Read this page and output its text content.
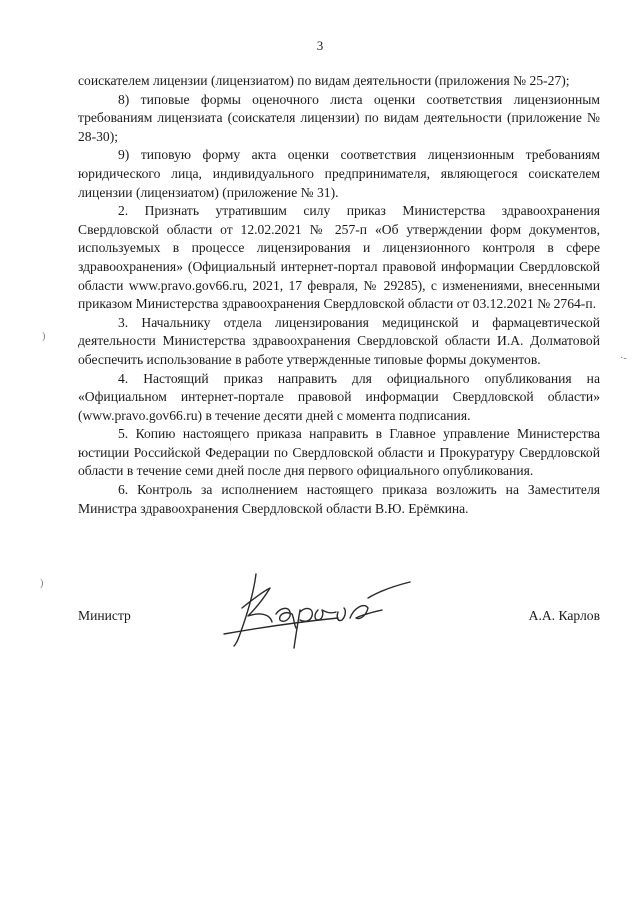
3

соискателем лицензии (лицензиатом) по видам деятельности (приложения № 25-27);

8) типовые формы оценочного листа оценки соответствия лицензионным требованиям лицензиата (соискателя лицензии) по видам деятельности (приложение № 28-30);

9) типовую форму акта оценки соответствия лицензионным требованиям юридического лица, индивидуального предпринимателя, являющегося соискателем лицензии (лицензиатом) (приложение № 31).

2. Признать утратившим силу приказ Министерства здравоохранения Свердловской области от 12.02.2021 № 257-п «Об утверждении форм документов, используемых в процессе лицензирования и лицензионного контроля в сфере здравоохранения» (Официальный интернет-портал правовой информации Свердловской области www.pravo.gov66.ru, 2021, 17 февраля, № 29285), с изменениями, внесенными приказом Министерства здравоохранения Свердловской области от 03.12.2021 № 2764-п.

3. Начальнику отдела лицензирования медицинской и фармацевтической деятельности Министерства здравоохранения Свердловской области И.А. Долматовой обеспечить использование в работе утвержденные типовые формы документов.

4. Настоящий приказ направить для официального опубликования на «Официальном интернет-портале правовой информации Свердловской области» (www.pravo.gov66.ru) в течение десяти дней с момента подписания.

5. Копию настоящего приказа направить в Главное управление Министерства юстиции Российской Федерации по Свердловской области и Прокуратуру Свердловской области в течение семи дней после дня первого официального опубликования.

6. Контроль за исполнением настоящего приказа возложить на Заместителя Министра здравоохранения Свердловской области В.Ю. Ерёмкина.

Министр	А.А. Карлов
)
)
·-
